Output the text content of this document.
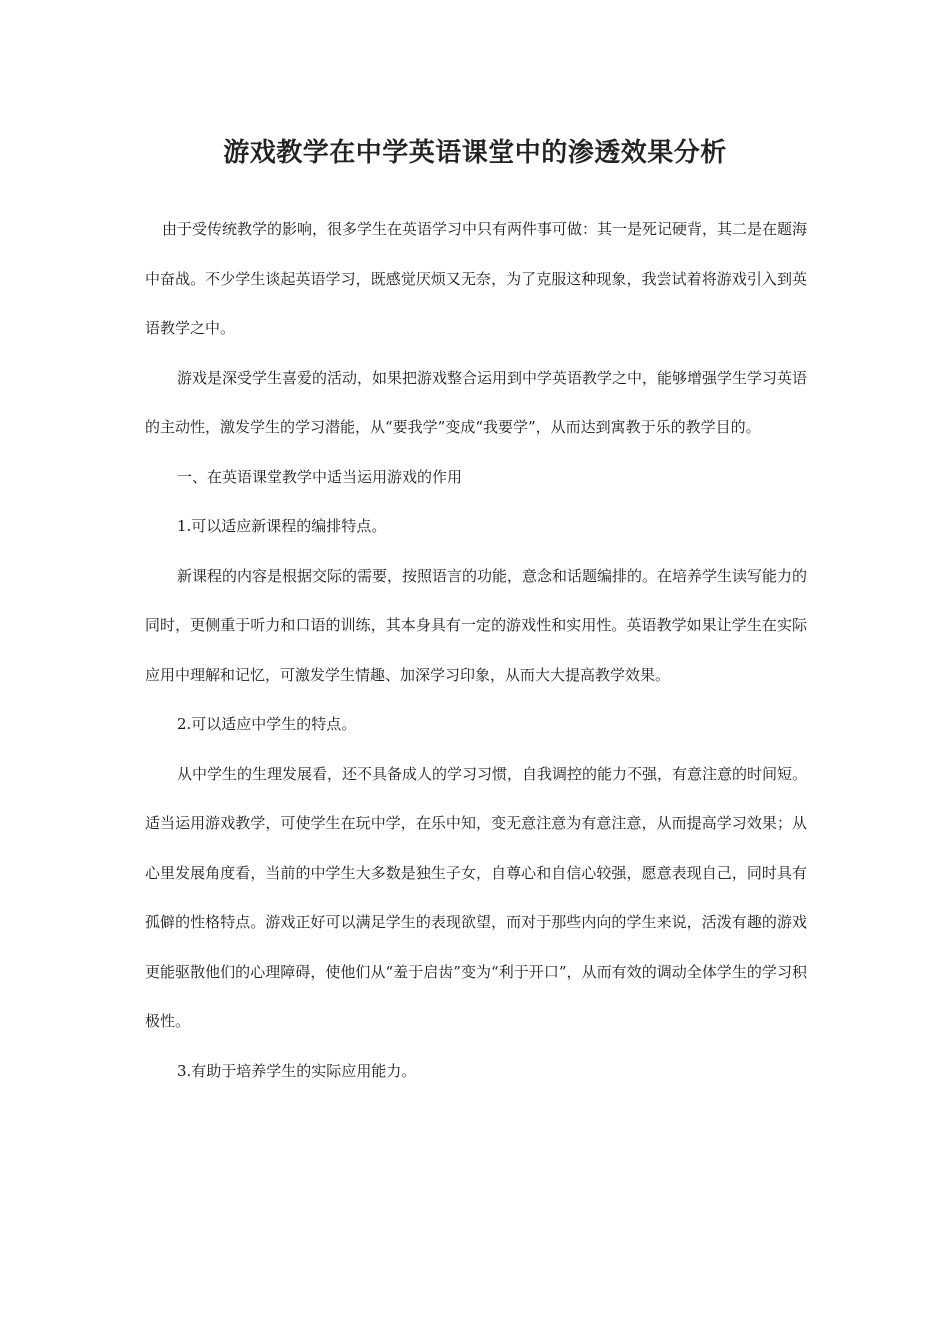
游戏教学在中学英语课堂中的渗透效果分析

由于受传统教学的影响，很多学生在英语学习中只有两件事可做：其一是死记硬背，其二是在题海中奋战。不少学生谈起英语学习，既感觉厌烦又无奈，为了克服这种现象，我尝试着将游戏引入到英语教学之中。

游戏是深受学生喜爱的活动，如果把游戏整合运用到中学英语教学之中，能够增强学生学习英语的主动性，激发学生的学习潜能，从“要我学”变成“我要学”，从而达到寓教于乐的教学目的。

一、在英语课堂教学中适当运用游戏的作用

1.可以适应新课程的编排特点。

新课程的内容是根据交际的需要，按照语言的功能，意念和话题编排的。在培养学生读写能力的同时，更侧重于听力和口语的训练，其本身具有一定的游戏性和实用性。英语教学如果让学生在实际应用中理解和记忆，可激发学生情趣、加深学习印象，从而大大提高教学效果。

2.可以适应中学生的特点。

从中学生的生理发展看，还不具备成人的学习习惯，自我调控的能力不强，有意注意的时间短。适当运用游戏教学，可使学生在玩中学，在乐中知，变无意注意为有意注意，从而提高学习效果；从心里发展角度看，当前的中学生大多数是独生子女，自尊心和自信心较强，愿意表现自己，同时具有孤僻的性格特点。游戏正好可以满足学生的表现欲望，而对于那些内向的学生来说，活泼有趣的游戏更能驱散他们的心理障碍，使他们从“羞于启齿”变为“利于开口”，从而有效的调动全体学生的学习积极性。

3.有助于培养学生的实际应用能力。
